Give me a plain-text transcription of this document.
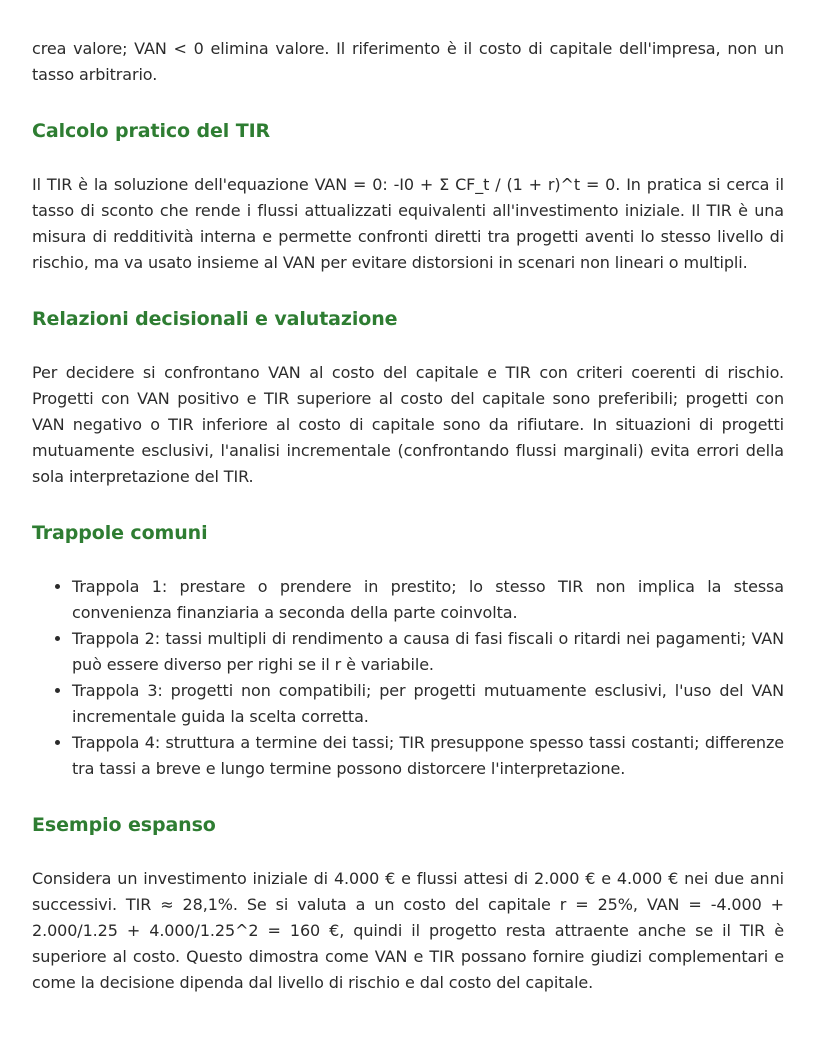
crea valore; VAN < 0 elimina valore. Il riferimento è il costo di capitale dell'impresa, non un tasso arbitrario.

Calcolo pratico del TIR

Il TIR è la soluzione dell'equazione VAN = 0: -I0 + Σ CF_t / (1 + r)^t = 0. In pratica si cerca il tasso di sconto che rende i flussi attualizzati equivalenti all'investimento iniziale. Il TIR è una misura di redditività interna e permette confronti diretti tra progetti aventi lo stesso livello di rischio, ma va usato insieme al VAN per evitare distorsioni in scenari non lineari o multipli.

Relazioni decisionali e valutazione

Per decidere si confrontano VAN al costo del capitale e TIR con criteri coerenti di rischio. Progetti con VAN positivo e TIR superiore al costo del capitale sono preferibili; progetti con VAN negativo o TIR inferiore al costo di capitale sono da rifiutare. In situazioni di progetti mutuamente esclusivi, l'analisi incrementale (confrontando flussi marginali) evita errori della sola interpretazione del TIR.

Trappole comuni
• Trappola 1: prestare o prendere in prestito; lo stesso TIR non implica la stessa convenienza finanziaria a seconda della parte coinvolta.
• Trappola 2: tassi multipli di rendimento a causa di fasi fiscali o ritardi nei pagamenti; VAN può essere diverso per righi se il r è variabile.
• Trappola 3: progetti non compatibili; per progetti mutuamente esclusivi, l'uso del VAN incrementale guida la scelta corretta.
• Trappola 4: struttura a termine dei tassi; TIR presuppone spesso tassi costanti; differenze tra tassi a breve e lungo termine possono distorcere l'interpretazione.
Esempio espanso

Considera un investimento iniziale di 4.000 € e flussi attesi di 2.000 € e 4.000 € nei due anni successivi. TIR ≈ 28,1%. Se si valuta a un costo del capitale r = 25%, VAN = -4.000 + 2.000/1.25 + 4.000/1.25^2 = 160 €, quindi il progetto resta attraente anche se il TIR è superiore al costo. Questo dimostra come VAN e TIR possano fornire giudizi complementari e come la decisione dipenda dal livello di rischio e dal costo del capitale.
